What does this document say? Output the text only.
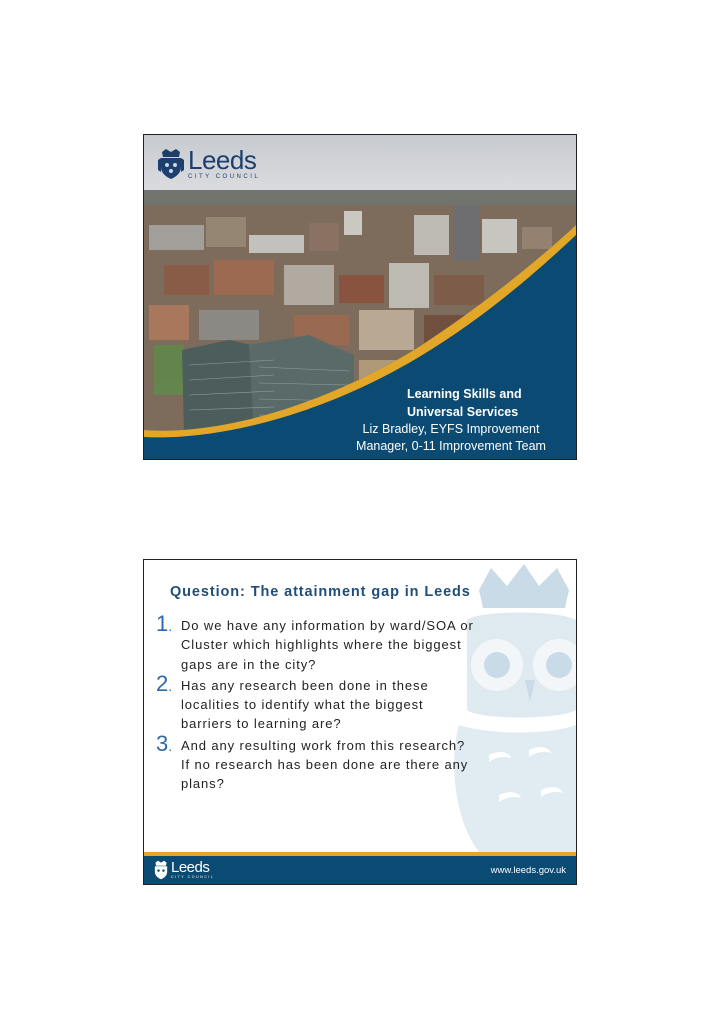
Leeds
CITY COUNCIL
Learning Skills and
Universal Services
Liz Bradley, EYFS Improvement
Manager, 0-11 Improvement Team
Question: The attainment gap in Leeds
1. Do we have any information by ward/SOA or
Cluster which highlights where the biggest
gaps are in the city?
2. Has any research been done in these
localities to identify what the biggest
barriers to learning are?
3. And any resulting work from this research?
If no research has been done are there any
plans?
Leeds
CITY COUNCIL
www.leeds.gov.uk
